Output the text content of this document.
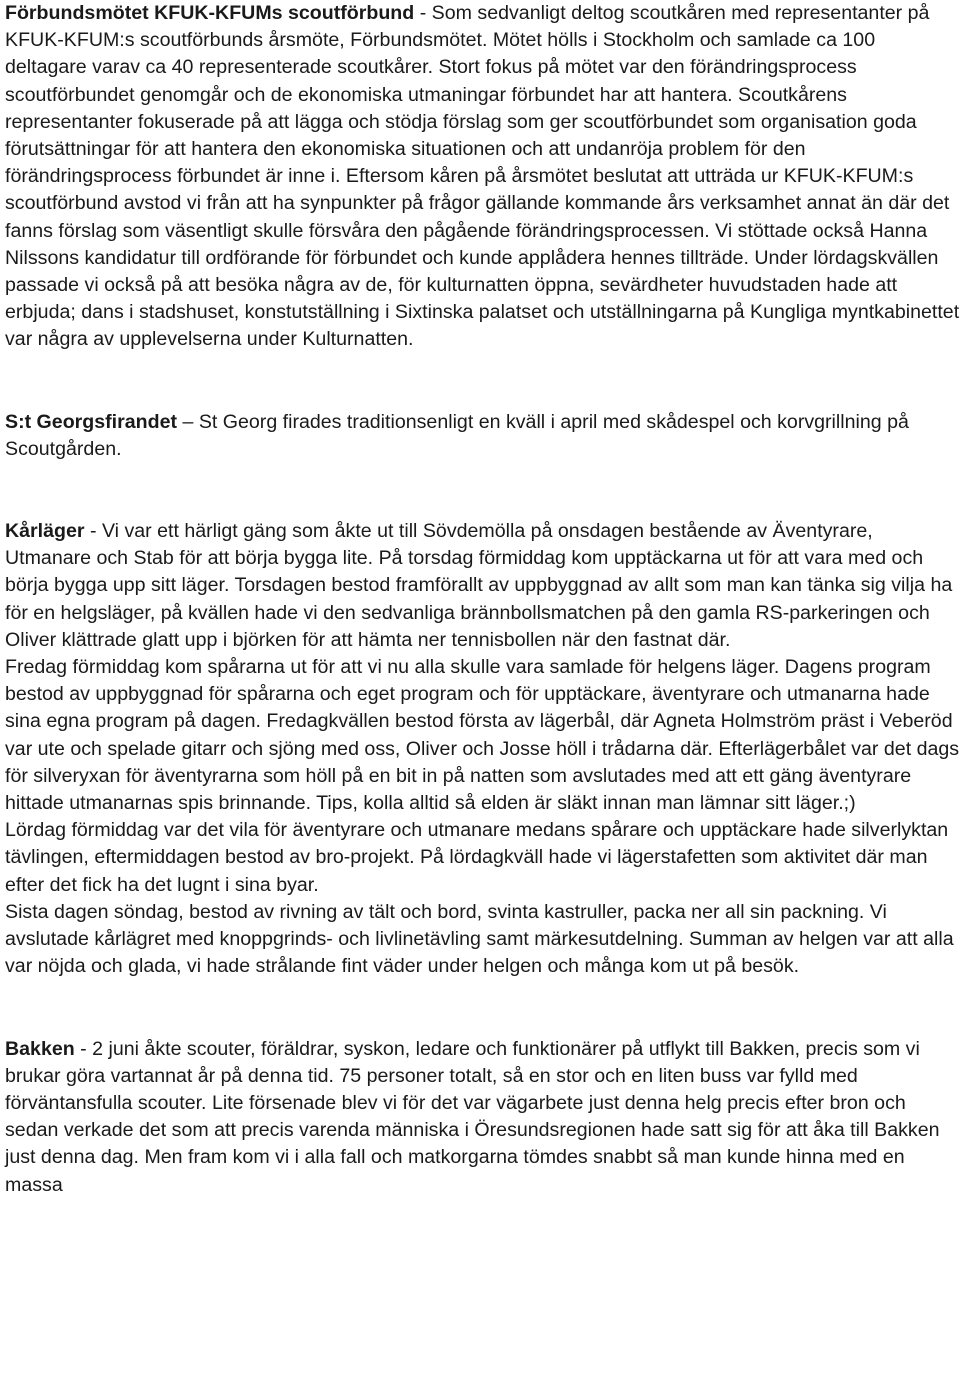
Förbundsmötet KFUK-KFUMs scoutförbund - Som sedvanligt deltog scoutkåren med representanter på KFUK-KFUM:s scoutförbunds årsmöte, Förbundsmötet. Mötet hölls i Stockholm och samlade ca 100 deltagare varav ca 40 representerade scoutkårer. Stort fokus på mötet var den förändringsprocess scoutförbundet genomgår och de ekonomiska utmaningar förbundet har att hantera. Scoutkårens representanter fokuserade på att lägga och stödja förslag som ger scoutförbundet som organisation goda förutsättningar för att hantera den ekonomiska situationen och att undanröja problem för den förändringsprocess förbundet är inne i. Eftersom kåren på årsmötet beslutat att utträda ur KFUK-KFUM:s scoutförbund avstod vi från att ha synpunkter på frågor gällande kommande års verksamhet annat än där det fanns förslag som väsentligt skulle försvåra den pågående förändringsprocessen. Vi stöttade också Hanna Nilssons kandidatur till ordförande för förbundet och kunde applådera hennes tillträde. Under lördagskvällen passade vi också på att besöka några av de, för kulturnatten öppna, sevärdheter huvudstaden hade att erbjuda; dans i stadshuset, konstutställning i Sixtinska palatset och utställningarna på Kungliga myntkabinettet var några av upplevelserna under Kulturnatten.

S:t Georgsfirandet – St Georg firades traditionsenligt en kväll i april med skådespel och korvgrillning på Scoutgården.

Kårläger - Vi var ett härligt gäng som åkte ut till Sövdemölla på onsdagen bestående av Äventyrare, Utmanare och Stab för att börja bygga lite. På torsdag förmiddag kom upptäckarna ut för att vara med och börja bygga upp sitt läger. Torsdagen bestod framförallt av uppbyggnad av allt som man kan tänka sig vilja ha för en helgsläger, på kvällen hade vi den sedvanliga brännbollsmatchen på den gamla RS-parkeringen och Oliver klättrade glatt upp i björken för att hämta ner tennisbollen när den fastnat där.

Fredag förmiddag kom spårarna ut för att vi nu alla skulle vara samlade för helgens läger. Dagens program bestod av uppbyggnad för spårarna och eget program och för upptäckare, äventyrare och utmanarna hade sina egna program på dagen. Fredagkvällen bestod första av lägerbål, där Agneta Holmström präst i Veberöd var ute och spelade gitarr och sjöng med oss, Oliver och Josse höll i trådarna där. Efterlägerbålet var det dags för silveryxan för äventyrarna som höll på en bit in på natten som avslutades med att ett gäng äventyrare hittade utmanarnas spis brinnande. Tips, kolla alltid så elden är släkt innan man lämnar sitt läger.;)

Lördag förmiddag var det vila för äventyrare och utmanare medans spårare och upptäckare hade silverlyktan tävlingen, eftermiddagen bestod av bro-projekt. På lördagkväll hade vi lägerstafetten som aktivitet där man efter det fick ha det lugnt i sina byar.

Sista dagen söndag, bestod av rivning av tält och bord, svinta kastruller, packa ner all sin packning. Vi avslutade kårlägret med knoppgrinds- och livlinetävling samt märkesutdelning. Summan av helgen var att alla var nöjda och glada, vi hade strålande fint väder under helgen och många kom ut på besök.

Bakken - 2 juni åkte scouter, föräldrar, syskon, ledare och funktionärer på utflykt till Bakken, precis som vi brukar göra vartannat år på denna tid. 75 personer totalt, så en stor och en liten buss var fylld med förväntansfulla scouter. Lite försenade blev vi för det var vägarbete just denna helg precis efter bron och sedan verkade det som att precis varenda människa i Öresundsregionen hade satt sig för att åka till Bakken just denna dag. Men fram kom vi i alla fall och matkorgarna tömdes snabbt så man kunde hinna med en massa
